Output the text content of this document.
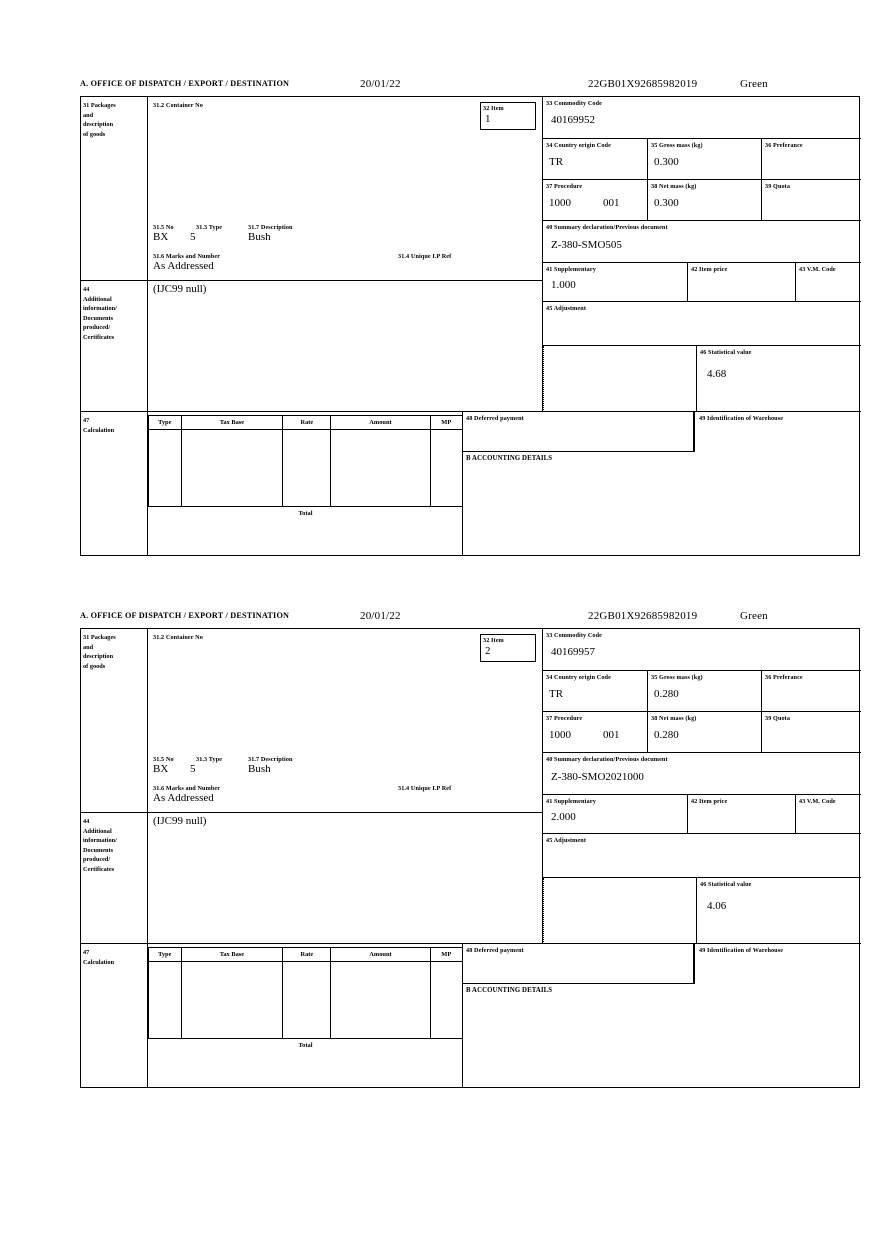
A. OFFICE OF DISPATCH / EXPORT / DESTINATION	20/01/22	22GB01X92685982019	Green
31 Packages
and
description
of goods
31.2 Container No
31.5 No	31.3 Type	31.7 Description
BX 5	Bush
31.6 Marks and Number	31.4 Unique I.P Ref
As Addressed
32 Item
1
33 Commodity Code
40169952
34 Country origin Code
TR
35 Gross mass (kg)
0.300
36 Preferance
37 Procedure
1000	001
38 Net mass (kg)
0.300
39 Quota
40 Summary declaration/Previous document
Z-380-SMO505
41 Supplementary
1.000
42 Item price	43 V.M. Code
45 Adjustment
46 Statistical value
4.68
44
Additional
information/
Documents
produced/
Certificates
(IJC99 null)
47
Calculation
Type	Tax Base	Rate	Amount	MP

Total				
48 Deferred payment	49 Identification of Warehouse
B ACCOUNTING DETAILS
A. OFFICE OF DISPATCH / EXPORT / DESTINATION	20/01/22	22GB01X92685982019	Green
31 Packages
and
description
of goods
31.2 Container No
31.5 No	31.3 Type	31.7 Description
BX 5	Bush
31.6 Marks and Number	31.4 Unique I.P Ref
As Addressed
32 Item
2
33 Commodity Code
40169957
34 Country origin Code
TR
35 Gross mass (kg)
0.280
36 Preferance
37 Procedure
1000	001
38 Net mass (kg)
0.280
39 Quota
40 Summary declaration/Previous document
Z-380-SMO2021000
41 Supplementary
2.000
42 Item price	43 V.M. Code
45 Adjustment
46 Statistical value
4.06
44
Additional
information/
Documents
produced/
Certificates
(IJC99 null)
47
Calculation
Type	Tax Base	Rate	Amount	MP

Total				
48 Deferred payment	49 Identification of Warehouse
B ACCOUNTING DETAILS
